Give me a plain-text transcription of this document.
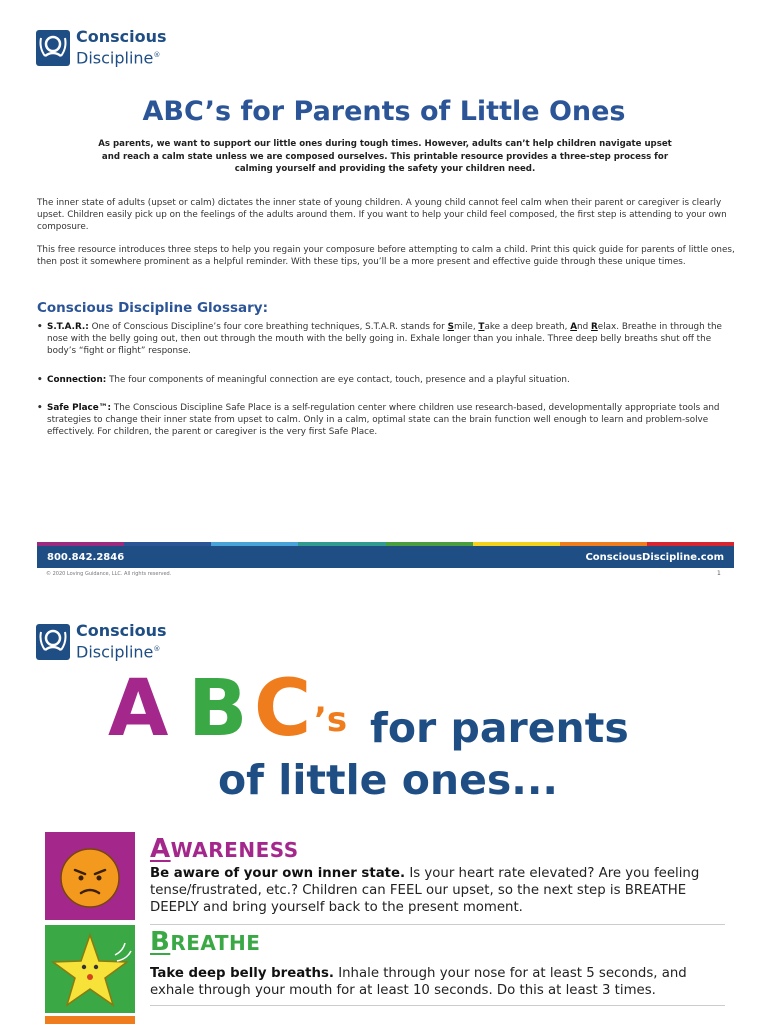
Conscious
Discipline®
ABC’s for Parents of Little Ones
As parents, we want to support our little ones during tough times. However, adults can’t help children navigate upset and reach a calm state unless we are composed ourselves. This printable resource provides a three-step process for calming yourself and providing the safety your children need.
The inner state of adults (upset or calm) dictates the inner state of young children. A young child cannot feel calm when their parent or caregiver is clearly upset. Children easily pick up on the feelings of the adults around them. If you want to help your child feel composed, the first step is attending to your own composure.
This free resource introduces three steps to help you regain your composure before attempting to calm a child. Print this quick guide for parents of little ones, then post it somewhere prominent as a helpful reminder. With these tips, you’ll be a more present and effective guide through these unique times.
Conscious Discipline Glossary:
• S.T.A.R.: One of Conscious Discipline’s four core breathing techniques, S.T.A.R. stands for Smile, Take a deep breath, And Relax. Breathe in through the nose with the belly going out, then out through the mouth with the belly going in. Exhale longer than you inhale. Three deep belly breaths shut off the body’s “fight or flight” response.
• Connection: The four components of meaningful connection are eye contact, touch, presence and a playful situation.
• Safe Place™: The Conscious Discipline Safe Place is a self-regulation center where children use research-based, developmentally appropriate tools and strategies to change their inner state from upset to calm. Only in a calm, optimal state can the brain function well enough to learn and problem-solve effectively. For children, the parent or caregiver is the very first Safe Place.
800.842.2846	ConsciousDiscipline.com
© 2020 Loving Guidance, LLC. All rights reserved.	1
Conscious
Discipline®
A B C ’s for parents
of little ones...
AWARENESS
Be aware of your own inner state. Is your heart rate elevated? Are you feeling tense/frustrated, etc.? Children can FEEL our upset, so the next step is BREATHE DEEPLY and bring yourself back to the present moment.
BREATHE
Take deep belly breaths. Inhale through your nose for at least 5 seconds, and exhale through your mouth for at least 10 seconds. Do this at least 3 times.
